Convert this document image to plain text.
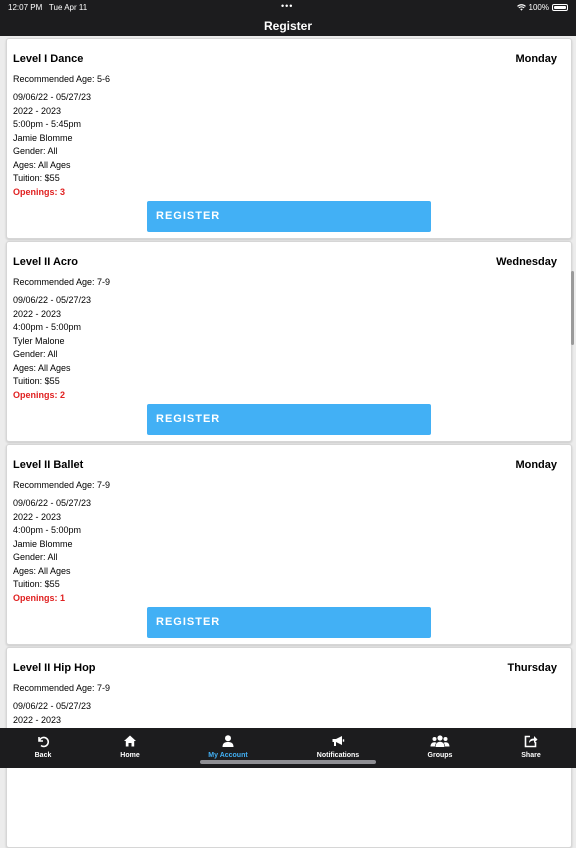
12:07 PM Tue Apr 11	•••	100%
Register
Level I Dance	Monday
Recommended Age: 5-6
09/06/22 - 05/27/23
2022 - 2023
5:00pm - 5:45pm
Jamie Blomme
Gender: All
Ages: All Ages
Tuition: $55
Openings: 3
REGISTER
Level II Acro	Wednesday
Recommended Age: 7-9
09/06/22 - 05/27/23
2022 - 2023
4:00pm - 5:00pm
Tyler Malone
Gender: All
Ages: All Ages
Tuition: $55
Openings: 2
REGISTER
Level II Ballet	Monday
Recommended Age: 7-9
09/06/22 - 05/27/23
2022 - 2023
4:00pm - 5:00pm
Jamie Blomme
Gender: All
Ages: All Ages
Tuition: $55
Openings: 1
REGISTER
Level II Hip Hop	Thursday
Recommended Age: 7-9
09/06/22 - 05/27/23
2022 - 2023
Back	Home	My Account	Notifications	Groups	Share
